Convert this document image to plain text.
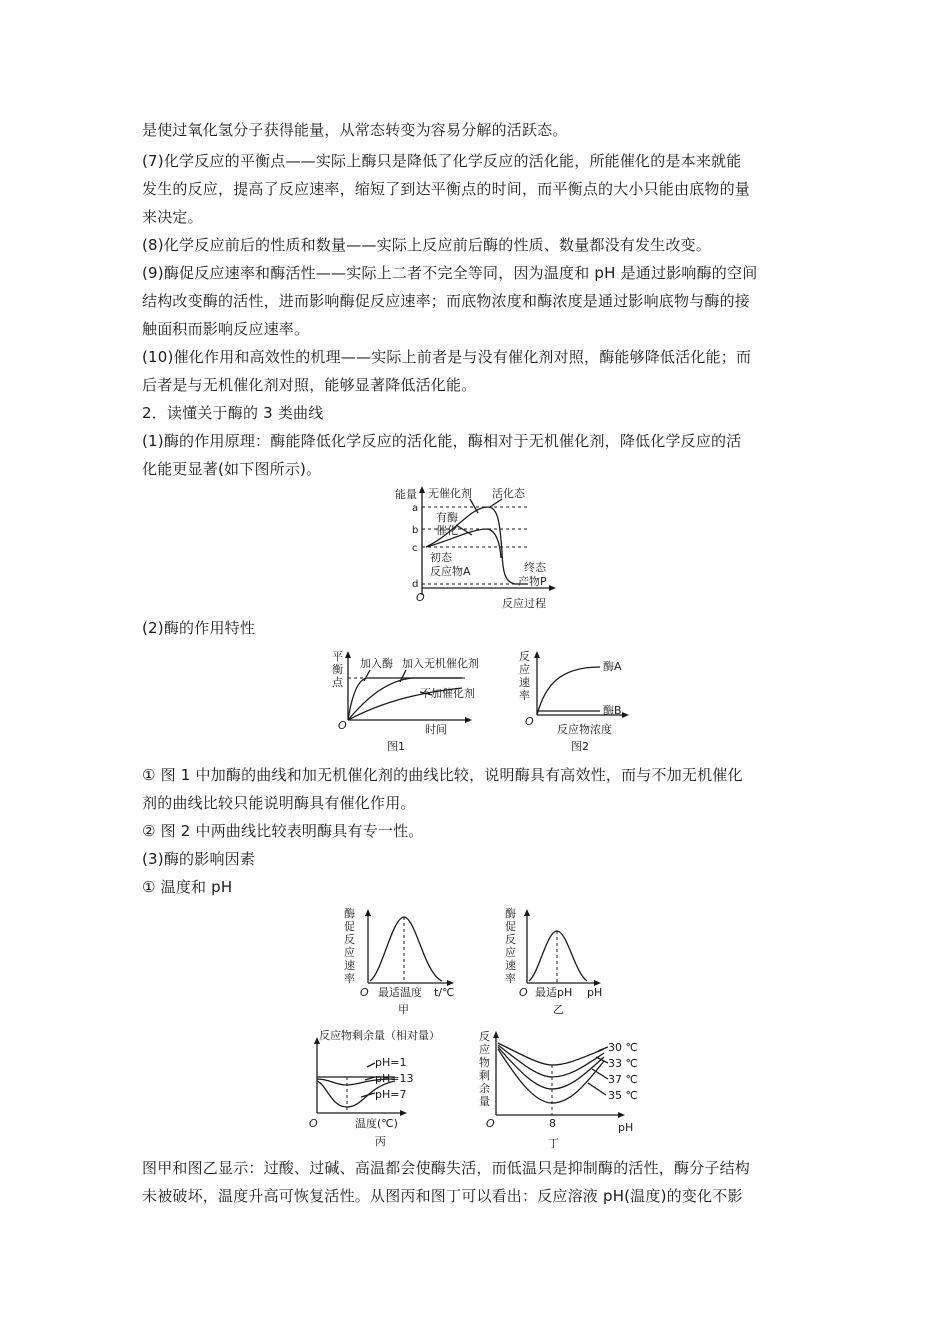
是使过氧化氢分子获得能量，从常态转变为容易分解的活跃态。
(7)化学反应的平衡点——实际上酶只是降低了化学反应的活化能，所能催化的是本来就能
发生的反应，提高了反应速率，缩短了到达平衡点的时间，而平衡点的大小只能由底物的量
来决定。
(8)化学反应前后的性质和数量——实际上反应前后酶的性质、数量都没有发生改变。
(9)酶促反应速率和酶活性——实际上二者不完全等同，因为温度和 pH 是通过影响酶的空间
结构改变酶的活性，进而影响酶促反应速率；而底物浓度和酶浓度是通过影响底物与酶的接
触面积而影响反应速率。
(10)催化作用和高效性的机理——实际上前者是与没有催化剂对照，酶能够降低活化能；而
后者是与无机催化剂对照，能够显著降低活化能。
2．读懂关于酶的 3 类曲线
(1)酶的作用原理：酶能降低化学反应的活化能，酶相对于无机催化剂，降低化学反应的活
化能更显著(如下图所示)。
能量
a
b
c
d
无催化剂 活化态
有酶
催化
初态
反应物A	终态
产物P
O	反应过程
(2)酶的作用特性
平
衡
点
加入酶 加入无机催化剂
不加催化剂
O	时间
图1
反
应
速
率
酶A
酶B
O
反应物浓度
图2
① 图 1 中加酶的曲线和加无机催化剂的曲线比较，说明酶具有高效性，而与不加无机催化
剂的曲线比较只能说明酶具有催化作用。
② 图 2 中两曲线比较表明酶具有专一性。
(3)酶的影响因素
① 温度和 pH
酶
促
反
应
速
率
O 最适温度 t/℃
甲
酶
促
反
应
速
率
O 最适pH pH
乙
反应物剩余量（相对量）
pH=1
pH=13
pH=7
O	温度(℃)
丙
反
应
物
剩
余
量
30 ℃
33 ℃
37 ℃
35 ℃
O	8	pH
丁
图甲和图乙显示：过酸、过碱、高温都会使酶失活，而低温只是抑制酶的活性，酶分子结构
未被破坏，温度升高可恢复活性。从图丙和图丁可以看出：反应溶液 pH(温度)的变化不影
